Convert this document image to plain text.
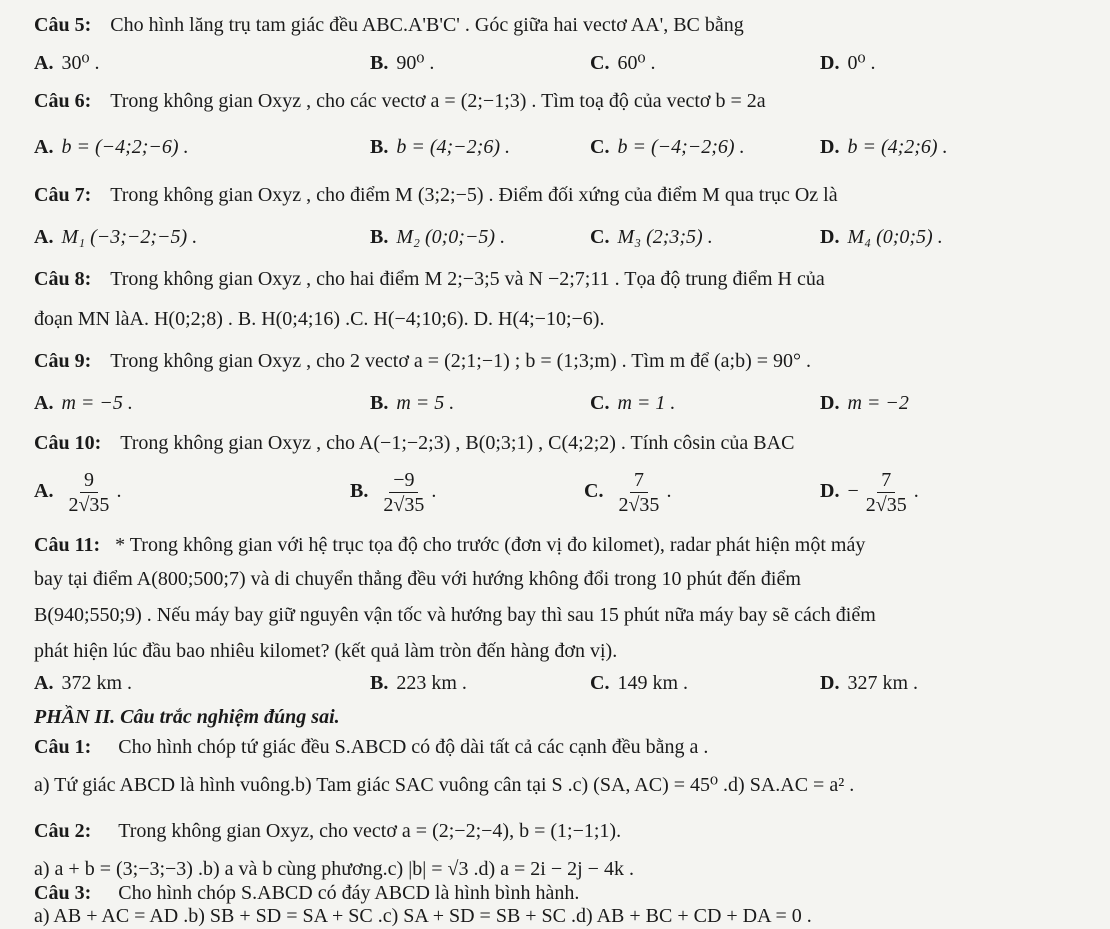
Câu 5: Cho hình lăng trụ tam giác đều ABC.A'B'C' . Góc giữa hai vectơ AA', BC bằng
A. 30⁰ .	B. 90⁰ .	C. 60⁰ .	D. 0⁰ .
Câu 6: Trong không gian Oxyz , cho các vectơ a = (2;−1;3) . Tìm toạ độ của vectơ b = 2a
A. b = (−4;2;−6) .	B. b = (4;−2;6) .	C. b = (−4;−2;6) .	D. b = (4;2;6) .
Câu 7: Trong không gian Oxyz , cho điểm M (3;2;−5) . Điểm đối xứng của điểm M qua trục Oz là
A. M₁ (−3;−2;−5) .	B. M₂ (0;0;−5) .	C. M₃ (2;3;5) .	D. M₄ (0;0;5) .
Câu 8: Trong không gian Oxyz , cho hai điểm M 2;−3;5 và N −2;7;11 . Tọa độ trung điểm H của
đoạn MN làA. H(0;2;8) . B. H(0;4;16) .C. H(−4;10;6). D. H(4;−10;−6).
Câu 9: Trong không gian Oxyz , cho 2 vectơ a = (2;1;−1) ; b = (1;3;m) . Tìm m để (a;b) = 90° .
A. m = −5 .	B. m = 5 .	C. m = 1 .	D. m = −2
Câu 10: Trong không gian Oxyz , cho A(−1;−2;3) , B(0;3;1) , C(4;2;2) . Tính côsin của BAC
A. $\frac{9}{2√35}$ .	B. $\frac{-9}{2√35}$ .	C. $\frac{7}{2√35}$ .	D. − $\frac{7}{2√35}$ .
Câu 11: * Trong không gian với hệ trục tọa độ cho trước (đơn vị đo kilomet), radar phát hiện một máy
bay tại điểm A(800;500;7) và di chuyển thẳng đều với hướng không đổi trong 10 phút đến điểm
B(940;550;9) . Nếu máy bay giữ nguyên vận tốc và hướng bay thì sau 15 phút nữa máy bay sẽ cách điểm
phát hiện lúc đầu bao nhiêu kilomet? (kết quả làm tròn đến hàng đơn vị).
A. 372 km .	B. 223 km .	C. 149 km .	D. 327 km .
PHẦN II. Câu trắc nghiệm đúng sai.
Câu 1: Cho hình chóp tứ giác đều S.ABCD có độ dài tất cả các cạnh đều bằng a .
a) Tứ giác ABCD là hình vuông.b) Tam giác SAC vuông cân tại S .c) (SA, AC) = 45⁰ .d) SA.AC = a² .
Câu 2: Trong không gian Oxyz, cho vectơ a = (2;−2;−4), b = (1;−1;1).
a) a + b = (3;−3;−3) .b) a và b cùng phương.c) |b| = √3 .d) a = 2i − 2j − 4k .
Câu 3: Cho hình chóp S.ABCD có đáy ABCD là hình bình hành.
a) AB + AC = AD .b) SB + SD = SA + SC .c) SA + SD = SB + SC .d) AB + BC + CD + DA = 0 .
